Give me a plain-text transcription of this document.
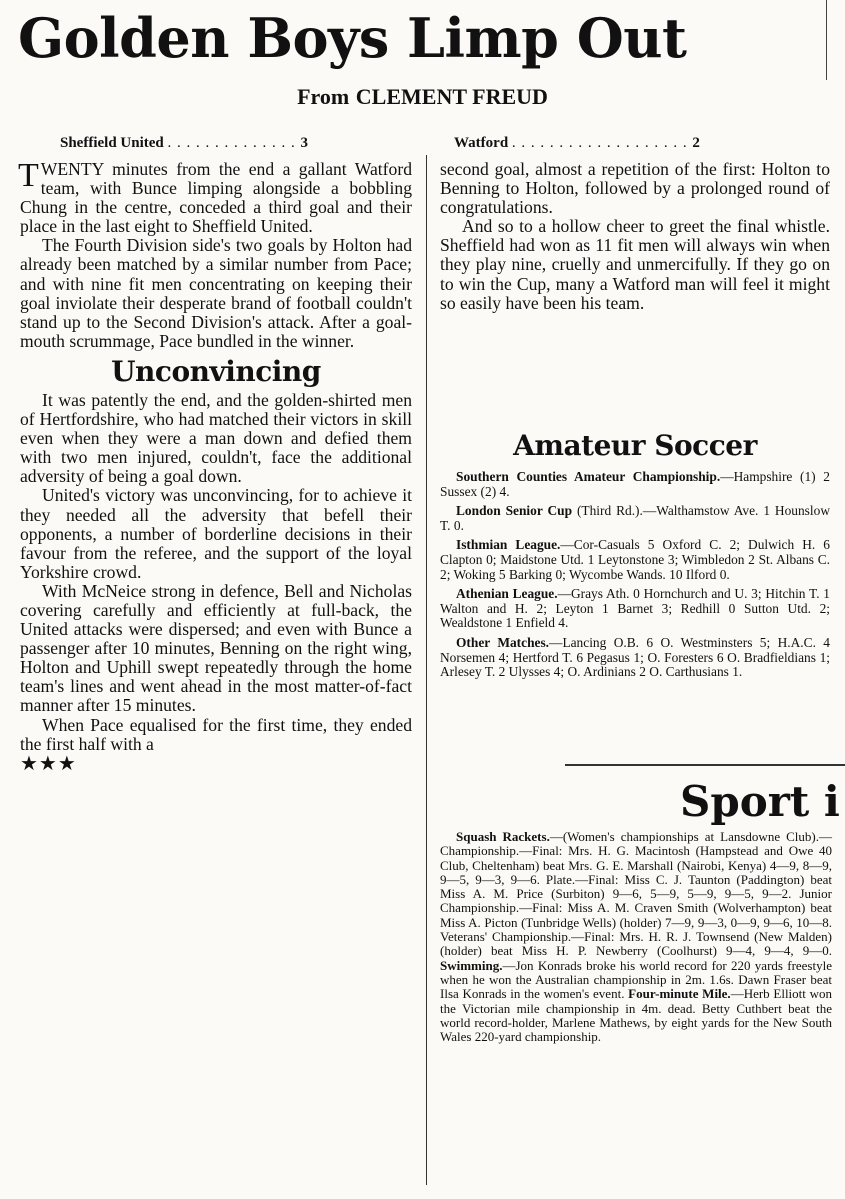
Golden Boys Limp Out
From CLEMENT FREUD
Sheffield United . . . . . . . . . . . . . . 3	Watford . . . . . . . . . . . . . . . . . . . 2

TWENTY minutes from the end a gallant Watford team, with Bunce limping alongside a bobbling Chung in the centre, conceded a third goal and their place in the last eight to Sheffield United.

The Fourth Division side's two goals by Holton had already been matched by a similar number from Pace; and with nine fit men concentrating on keeping their goal inviolate their desperate brand of football couldn't stand up to the Second Division's attack. After a goal-mouth scrummage, Pace bundled in the winner.

Unconvincing

It was patently the end, and the golden-shirted men of Hertfordshire, who had matched their victors in skill even when they were a man down and defied them with two men injured, couldn't, face the additional adversity of being a goal down.

United's victory was unconvincing, for to achieve it they needed all the adversity that befell their opponents, a number of borderline decisions in their favour from the referee, and the support of the loyal Yorkshire crowd.

With McNeice strong in defence, Bell and Nicholas covering carefully and efficiently at full-back, the United attacks were dispersed; and even with Bunce a passenger after 10 minutes, Benning on the right wing, Holton and Uphill swept repeatedly through the home team's lines and went ahead in the most matter-of-fact manner after 15 minutes.

When Pace equalised for the first time, they ended the first half with a

★★★

second goal, almost a repetition of the first: Holton to Benning to Holton, followed by a prolonged round of congratulations.

And so to a hollow cheer to greet the final whistle. Sheffield had won as 11 fit men will always win when they play nine, cruelly and unmercifully. If they go on to win the Cup, many a Watford man will feel it might so easily have been his team.

Amateur Soccer

Southern Counties Amateur Championship.—Hampshire (1) 2 Sussex (2) 4.

London Senior Cup (Third Rd.).—Walthamstow Ave. 1 Hounslow T. 0.

Isthmian League.—Cor-Casuals 5 Oxford C. 2; Dulwich H. 6 Clapton 0; Maidstone Utd. 1 Leytonstone 3; Wimbledon 2 St. Albans C. 2; Woking 5 Barking 0; Wycombe Wands. 10 Ilford 0.

Athenian League.—Grays Ath. 0 Hornchurch and U. 3; Hitchin T. 1 Walton and H. 2; Leyton 1 Barnet 3; Redhill 0 Sutton Utd. 2; Wealdstone 1 Enfield 4.

Other Matches.—Lancing O.B. 6 O. Westminsters 5; H.A.C. 4 Norsemen 4; Hertford T. 6 Pegasus 1; O. Foresters 6 O. Bradfieldians 1; Arlesey T. 2 Ulysses 4; O. Ardinians 2 O. Carthusians 1.

Sport i

Squash Rackets.—(Women's championships at Lansdowne Club).—Championship.—Final: Mrs. H. G. Macintosh (Hampstead and Owe 40 Club, Cheltenham) beat Mrs. G. E. Marshall (Nairobi, Kenya) 4—9, 8—9, 9—5, 9—3, 9—6. Plate.—Final: Miss C. J. Taunton (Paddington) beat Miss A. M. Price (Surbiton) 9—6, 5—9, 5—9, 9—5, 9—2. Junior Championship.—Final: Miss A. M. Craven Smith (Wolverhampton) beat Miss A. Picton (Tunbridge Wells) (holder) 7—9, 9—3, 0—9, 9—6, 10—8. Veterans' Championship.—Final: Mrs. H. R. J. Townsend (New Malden) (holder) beat Miss H. P. Newberry (Coolhurst) 9—4, 9—4, 9—0. Swimming.—Jon Konrads broke his world record for 220 yards freestyle when he won the Australian championship in 2m. 1.6s. Dawn Fraser beat Ilsa Konrads in the women's event. Four-minute Mile.—Herb Elliott won the Victorian mile championship in 4m. dead. Betty Cuthbert beat the world record-holder, Marlene Mathews, by eight yards for the New South Wales 220-yard championship.
